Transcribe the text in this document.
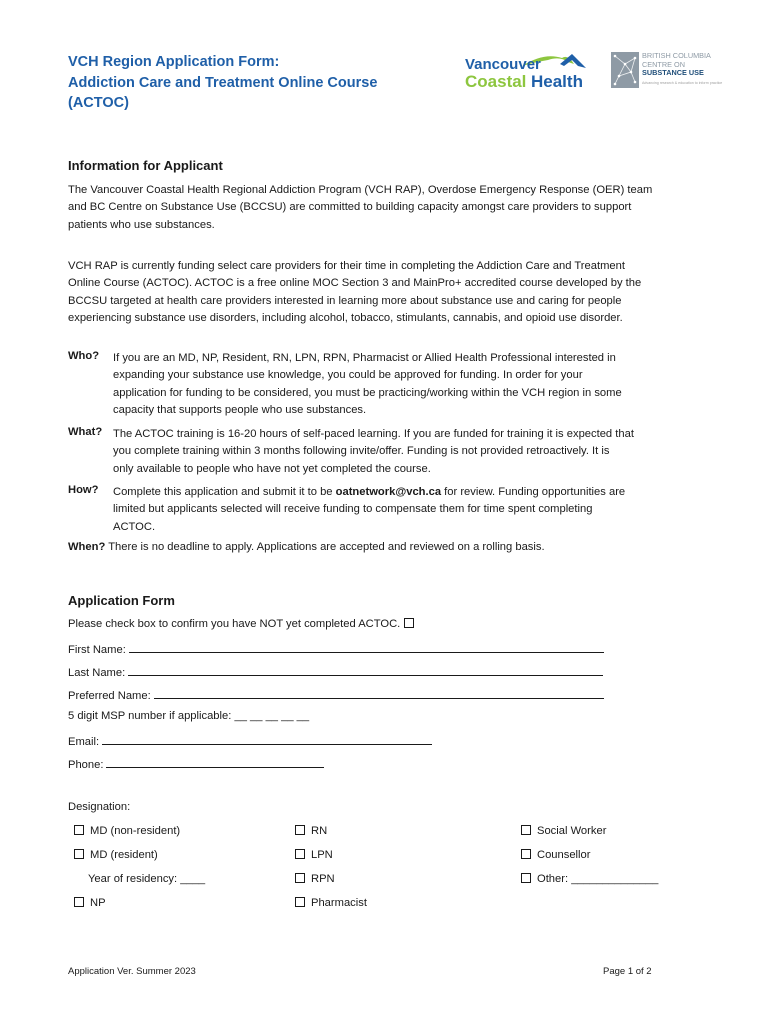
VCH Region Application Form:
Addiction Care and Treatment Online Course
(ACTOC)
Vancouver
Coastal Health
BRITISH COLUMBIA
CENTRE ON
SUBSTANCE USE
Advancing research & education to inform practice
Information for Applicant
The Vancouver Coastal Health Regional Addiction Program (VCH RAP), Overdose Emergency Response (OER) team
and BC Centre on Substance Use (BCCSU) are committed to building capacity amongst care providers to support
patients who use substances.
VCH RAP is currently funding select care providers for their time in completing the Addiction Care and Treatment
Online Course (ACTOC). ACTOC is a free online MOC Section 3 and MainPro+ accredited course developed by the
BCCSU targeted at health care providers interested in learning more about substance use and caring for people
experiencing substance use disorders, including alcohol, tobacco, stimulants, cannabis, and opioid use disorder.
Who? If you are an MD, NP, Resident, RN, LPN, RPN, Pharmacist or Allied Health Professional interested in
expanding your substance use knowledge, you could be approved for funding. In order for your
application for funding to be considered, you must be practicing/working within the VCH region in some
capacity that supports people who use substances.
What? The ACTOC training is 16-20 hours of self-paced learning. If you are funded for training it is expected that
you complete training within 3 months following invite/offer. Funding is not provided retroactively. It is
only available to people who have not yet completed the course.
How? Complete this application and submit it to be oatnetwork@vch.ca for review. Funding opportunities are
limited but applicants selected will receive funding to compensate them for time spent completing
ACTOC.
When? There is no deadline to apply. Applications are accepted and reviewed on a rolling basis.
Application Form
Please check box to confirm you have NOT yet completed ACTOC.
First Name:
Last Name:
Preferred Name:
5 digit MSP number if applicable: __ __ __ __ __
Email:
Phone:
Designation:
MD (non-resident)
MD (resident)
Year of residency: ____
NP
RN
LPN
RPN
Pharmacist
Social Worker
Counsellor
Other: ______________
Application Ver. Summer 2023	Page 1 of 2
